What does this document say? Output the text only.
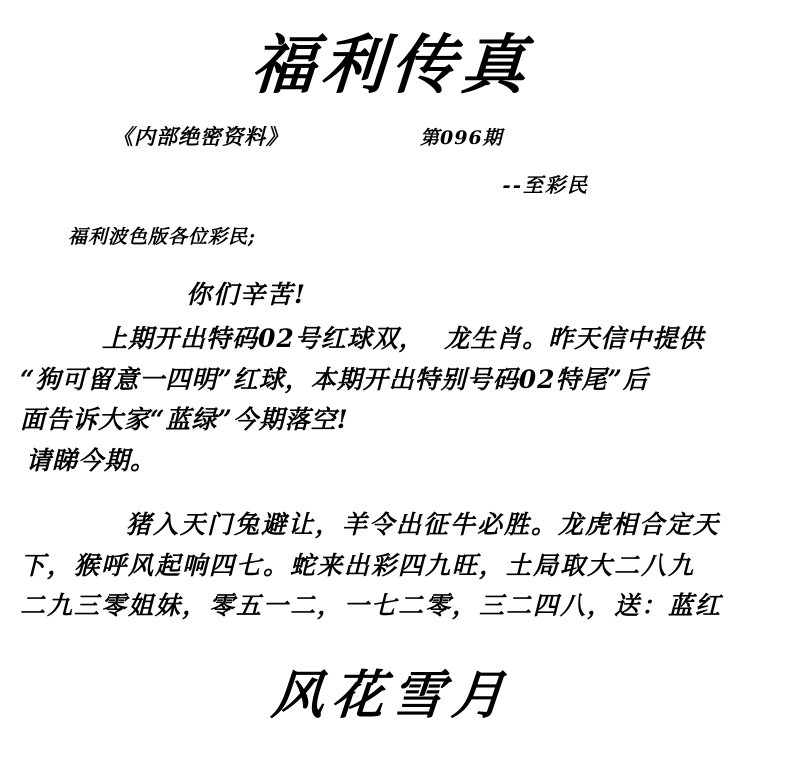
福利传真
《内部绝密资料》	第096期
--至彩民
福利波色版各位彩民;
你们辛苦!
上期开出特码02号红球双，  龙生肖。昨天信中提供
“狗可留意一四明”红球，本期开出特别号码02特尾”后
面告诉大家“蓝绿”今期落空!
请睇今期。
猪入天门兔避让，羊令出征牛必胜。龙虎相合定天
下，猴呼风起响四七。蛇来出彩四九旺，土局取大二八九
二九三零姐妹，零五一二，一七二零，三二四八，送：蓝红
风花雪月
